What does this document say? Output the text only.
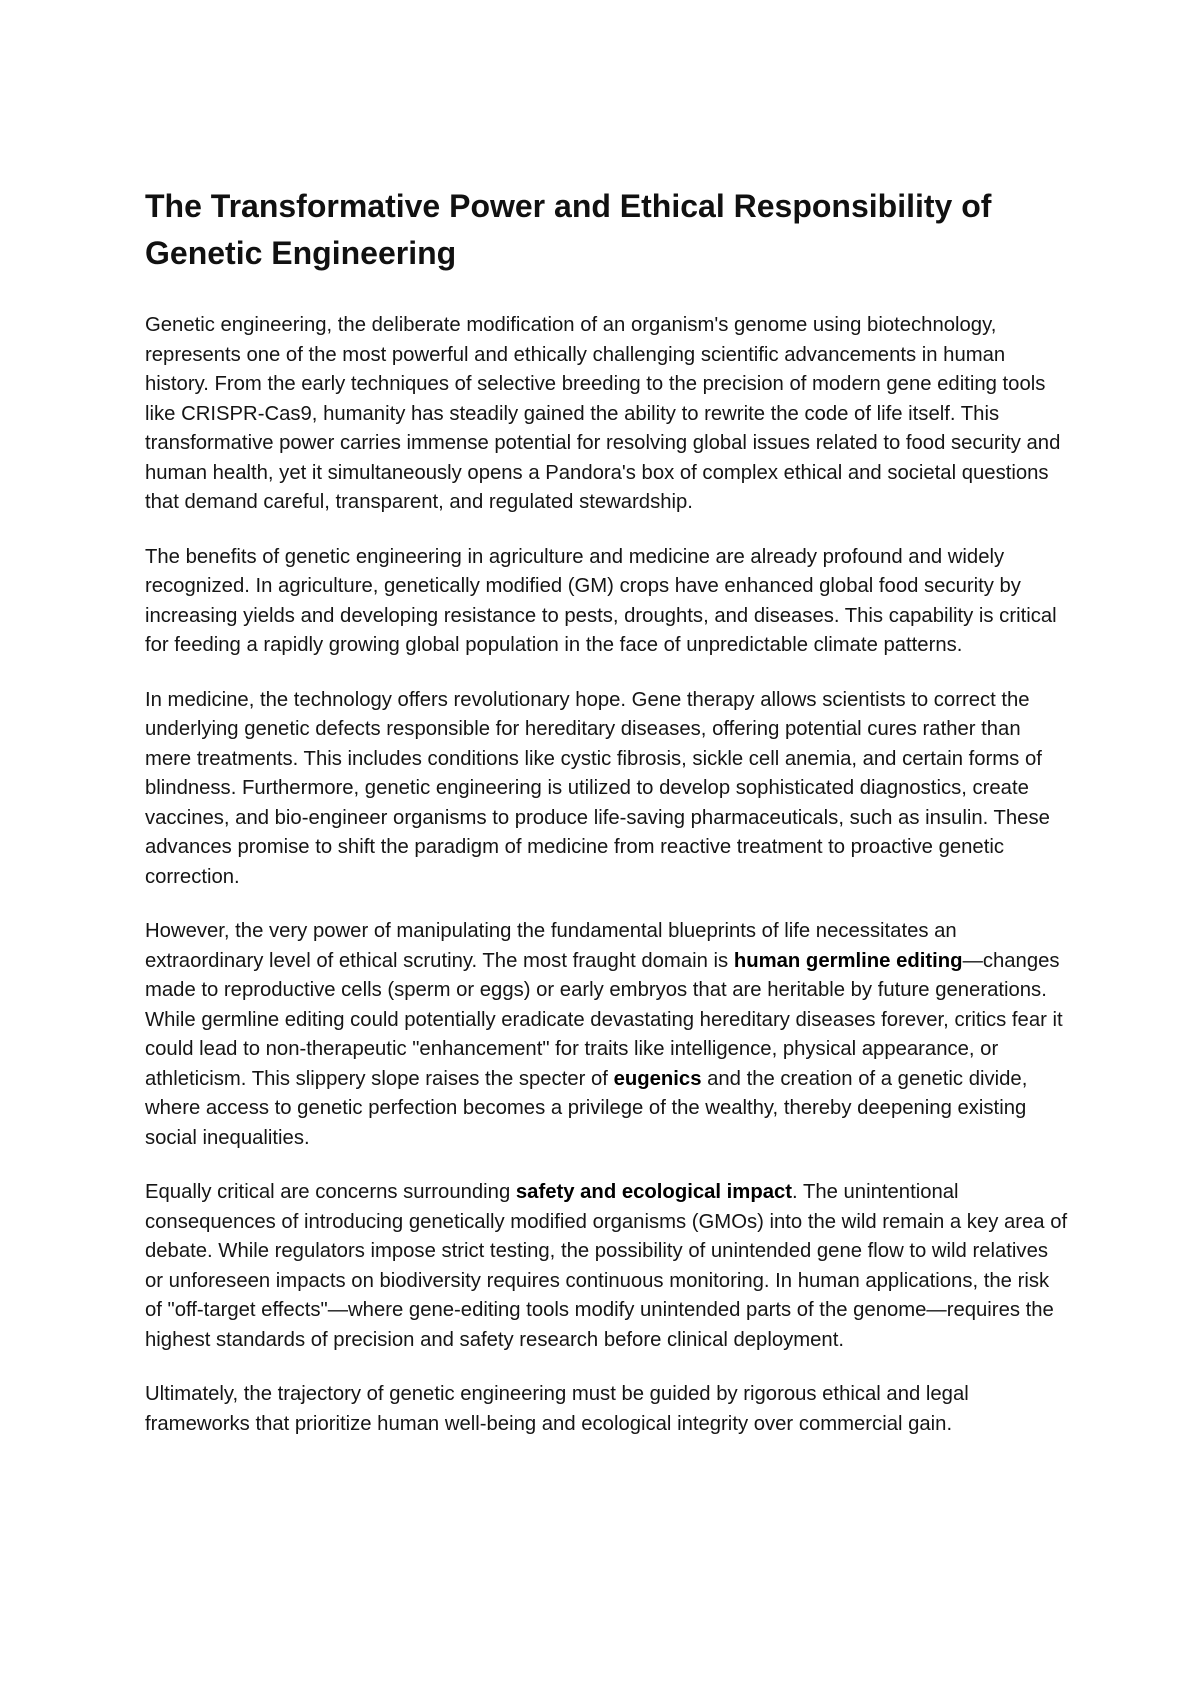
The Transformative Power and Ethical Responsibility of Genetic Engineering

Genetic engineering, the deliberate modification of an organism's genome using biotechnology, represents one of the most powerful and ethically challenging scientific advancements in human history. From the early techniques of selective breeding to the precision of modern gene editing tools like CRISPR-Cas9, humanity has steadily gained the ability to rewrite the code of life itself. This transformative power carries immense potential for resolving global issues related to food security and human health, yet it simultaneously opens a Pandora's box of complex ethical and societal questions that demand careful, transparent, and regulated stewardship.

The benefits of genetic engineering in agriculture and medicine are already profound and widely recognized. In agriculture, genetically modified (GM) crops have enhanced global food security by increasing yields and developing resistance to pests, droughts, and diseases. This capability is critical for feeding a rapidly growing global population in the face of unpredictable climate patterns.

In medicine, the technology offers revolutionary hope. Gene therapy allows scientists to correct the underlying genetic defects responsible for hereditary diseases, offering potential cures rather than mere treatments. This includes conditions like cystic fibrosis, sickle cell anemia, and certain forms of blindness. Furthermore, genetic engineering is utilized to develop sophisticated diagnostics, create vaccines, and bio-engineer organisms to produce life-saving pharmaceuticals, such as insulin. These advances promise to shift the paradigm of medicine from reactive treatment to proactive genetic correction.

However, the very power of manipulating the fundamental blueprints of life necessitates an extraordinary level of ethical scrutiny. The most fraught domain is human germline editing—changes made to reproductive cells (sperm or eggs) or early embryos that are heritable by future generations. While germline editing could potentially eradicate devastating hereditary diseases forever, critics fear it could lead to non-therapeutic "enhancement" for traits like intelligence, physical appearance, or athleticism. This slippery slope raises the specter of eugenics and the creation of a genetic divide, where access to genetic perfection becomes a privilege of the wealthy, thereby deepening existing social inequalities.

Equally critical are concerns surrounding safety and ecological impact. The unintentional consequences of introducing genetically modified organisms (GMOs) into the wild remain a key area of debate. While regulators impose strict testing, the possibility of unintended gene flow to wild relatives or unforeseen impacts on biodiversity requires continuous monitoring. In human applications, the risk of "off-target effects"—where gene-editing tools modify unintended parts of the genome—requires the highest standards of precision and safety research before clinical deployment.

Ultimately, the trajectory of genetic engineering must be guided by rigorous ethical and legal frameworks that prioritize human well-being and ecological integrity over commercial gain.
